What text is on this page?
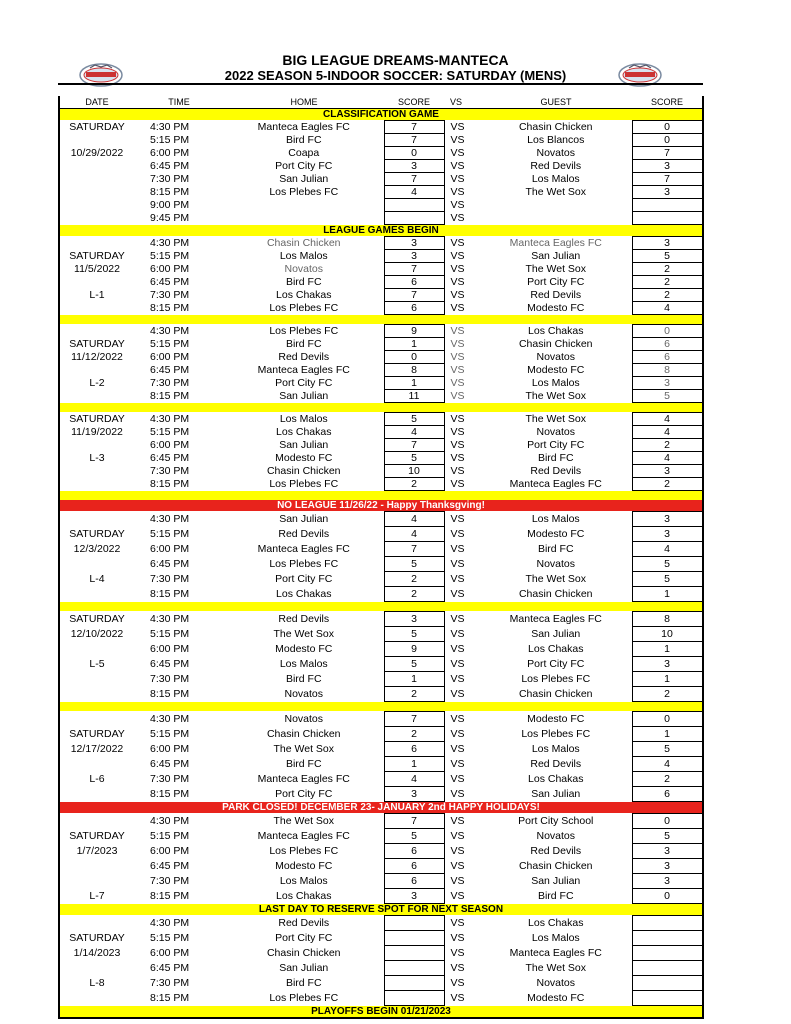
BIG LEAGUE DREAMS-MANTECA
2022 SEASON 5-INDOOR SOCCER: SATURDAY (MENS)
DATE	TIME	HOME	SCORE	VS	GUEST	SCORE
CLASSIFICATION GAME						
SATURDAY	4:30 PM	Manteca Eagles FC	7	VS	Chasin Chicken	0
	5:15 PM	Bird FC	7	VS	Los Blancos	0
10/29/2022	6:00 PM	Coapa	0	VS	Novatos	7
	6:45 PM	Port City FC	3	VS	Red Devils	3
	7:30 PM	San Julian	7	VS	Los Malos	7
	8:15 PM	Los Plebes FC	4	VS	The Wet Sox	3
	9:00 PM			VS		
	9:45 PM			VS		
LEAGUE GAMES BEGIN						
	4:30 PM	Chasin Chicken	3	VS	Manteca Eagles FC	3
SATURDAY	5:15 PM	Los Malos	3	VS	San Julian	5
11/5/2022	6:00 PM	Novatos	7	VS	The Wet Sox	2
	6:45 PM	Bird FC	6	VS	Port City FC	2
L-1	7:30 PM	Los Chakas	7	VS	Red Devils	2
	8:15 PM	Los Plebes FC	6	VS	Modesto FC	4

	4:30 PM	Los Plebes FC	9	VS	Los Chakas	0
SATURDAY	5:15 PM	Bird FC	1	VS	Chasin Chicken	6
11/12/2022	6:00 PM	Red Devils	0	VS	Novatos	6
	6:45 PM	Manteca Eagles FC	8	VS	Modesto FC	8
L-2	7:30 PM	Port City FC	1	VS	Los Malos	3
	8:15 PM	San Julian	11	VS	The Wet Sox	5

SATURDAY	4:30 PM	Los Malos	5	VS	The Wet Sox	4
11/19/2022	5:15 PM	Los Chakas	4	VS	Novatos	4
	6:00 PM	San Julian	7	VS	Port City FC	2
L-3	6:45 PM	Modesto FC	5	VS	Bird FC	4
	7:30 PM	Chasin Chicken	10	VS	Red Devils	3
	8:15 PM	Los Plebes FC	2	VS	Manteca Eagles FC	2

NO LEAGUE 11/26/22 - Happy Thanksgving!						
	4:30 PM	San Julian	4	VS	Los Malos	3
SATURDAY	5:15 PM	Red Devils	4	VS	Modesto FC	3
12/3/2022	6:00 PM	Manteca Eagles FC	7	VS	Bird FC	4
	6:45 PM	Los Plebes FC	5	VS	Novatos	5
L-4	7:30 PM	Port City FC	2	VS	The Wet Sox	5
	8:15 PM	Los Chakas	2	VS	Chasin Chicken	1

SATURDAY	4:30 PM	Red Devils	3	VS	Manteca Eagles FC	8
12/10/2022	5:15 PM	The Wet Sox	5	VS	San Julian	10
	6:00 PM	Modesto FC	9	VS	Los Chakas	1
L-5	6:45 PM	Los Malos	5	VS	Port City FC	3
	7:30 PM	Bird FC	1	VS	Los Plebes FC	1
	8:15 PM	Novatos	2	VS	Chasin Chicken	2

	4:30 PM	Novatos	7	VS	Modesto FC	0
SATURDAY	5:15 PM	Chasin Chicken	2	VS	Los Plebes FC	1
12/17/2022	6:00 PM	The Wet Sox	6	VS	Los Malos	5
	6:45 PM	Bird FC	1	VS	Red Devils	4
L-6	7:30 PM	Manteca Eagles FC	4	VS	Los Chakas	2
	8:15 PM	Port City FC	3	VS	San Julian	6
PARK CLOSED! DECEMBER 23- JANUARY 2nd HAPPY HOLIDAYS!						
	4:30 PM	The Wet Sox	7	VS	Port City School	0
SATURDAY	5:15 PM	Manteca Eagles FC	5	VS	Novatos	5
1/7/2023	6:00 PM	Los Plebes FC	6	VS	Red Devils	3
	6:45 PM	Modesto FC	6	VS	Chasin Chicken	3
	7:30 PM	Los Malos	6	VS	San Julian	3
L-7	8:15 PM	Los Chakas	3	VS	Bird FC	0
LAST DAY TO RESERVE SPOT FOR NEXT SEASON						
	4:30 PM	Red Devils		VS	Los Chakas	
SATURDAY	5:15 PM	Port City FC		VS	Los Malos	
1/14/2023	6:00 PM	Chasin Chicken		VS	Manteca Eagles FC	
	6:45 PM	San Julian		VS	The Wet Sox	
L-8	7:30 PM	Bird FC		VS	Novatos	
	8:15 PM	Los Plebes FC		VS	Modesto FC	
PLAYOFFS BEGIN 01/21/2023						
